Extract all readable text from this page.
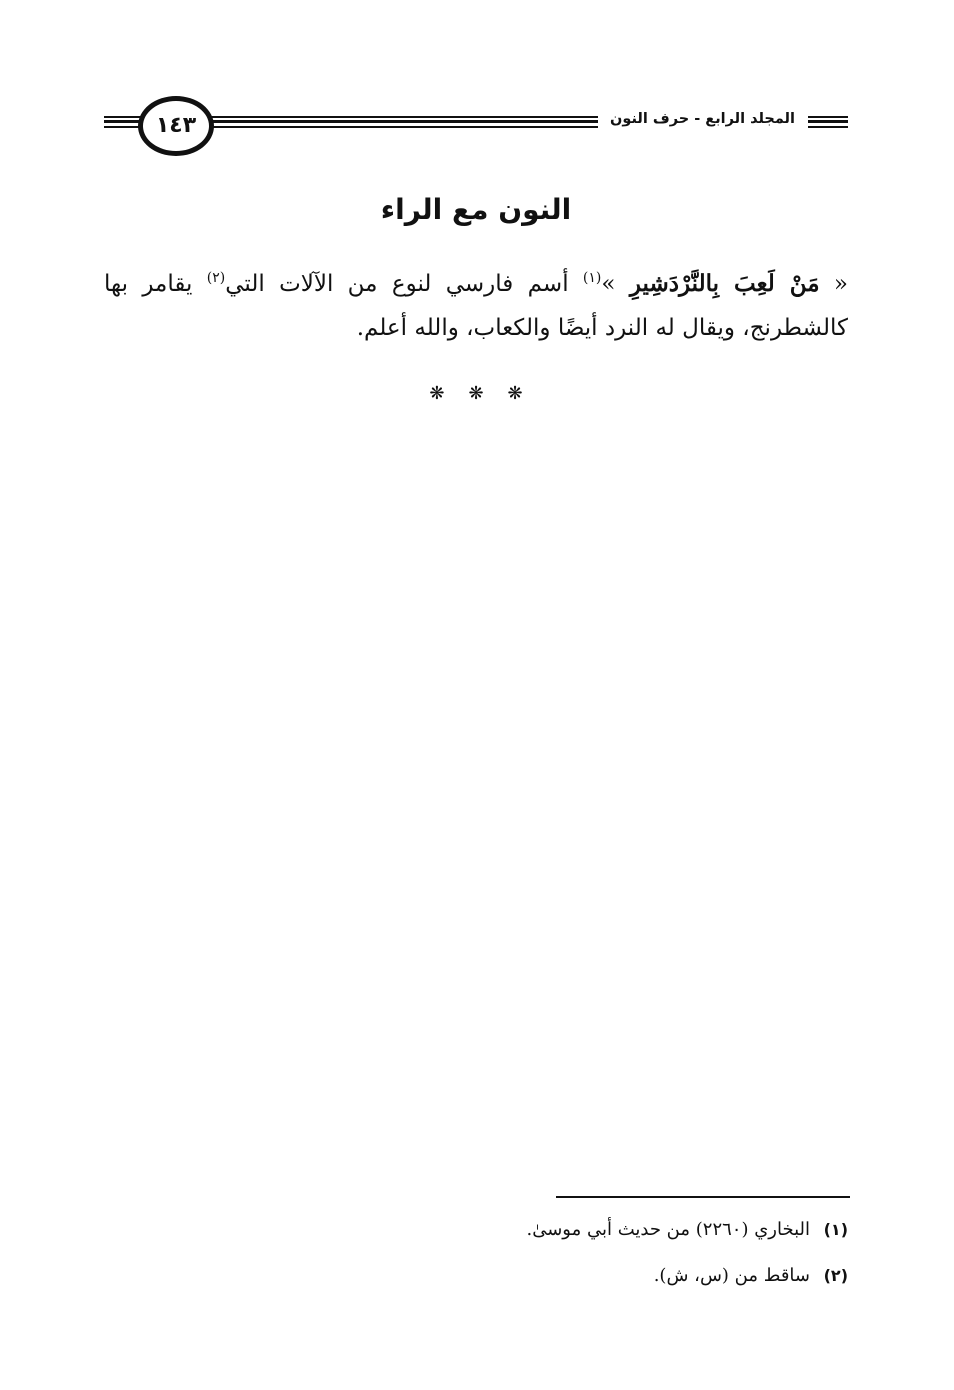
١٤٣	المجلد الرابع - حرف النون
النون مع الراء
« مَنْ لَعِبَ بِالنَّرْدَشِيرِ »$^{(١)}$ أسم فارسي لنوع من الآلات التي$^{(٢)}$ يقامر بها كالشطرنج، ويقال له النرد أيضًا والكعاب، والله أعلم.
❋ ❋ ❋
(١)
البخاري (٢٢٦٠) من حديث أبي موسىٰ.
(٢)
ساقط من (س، ش).
